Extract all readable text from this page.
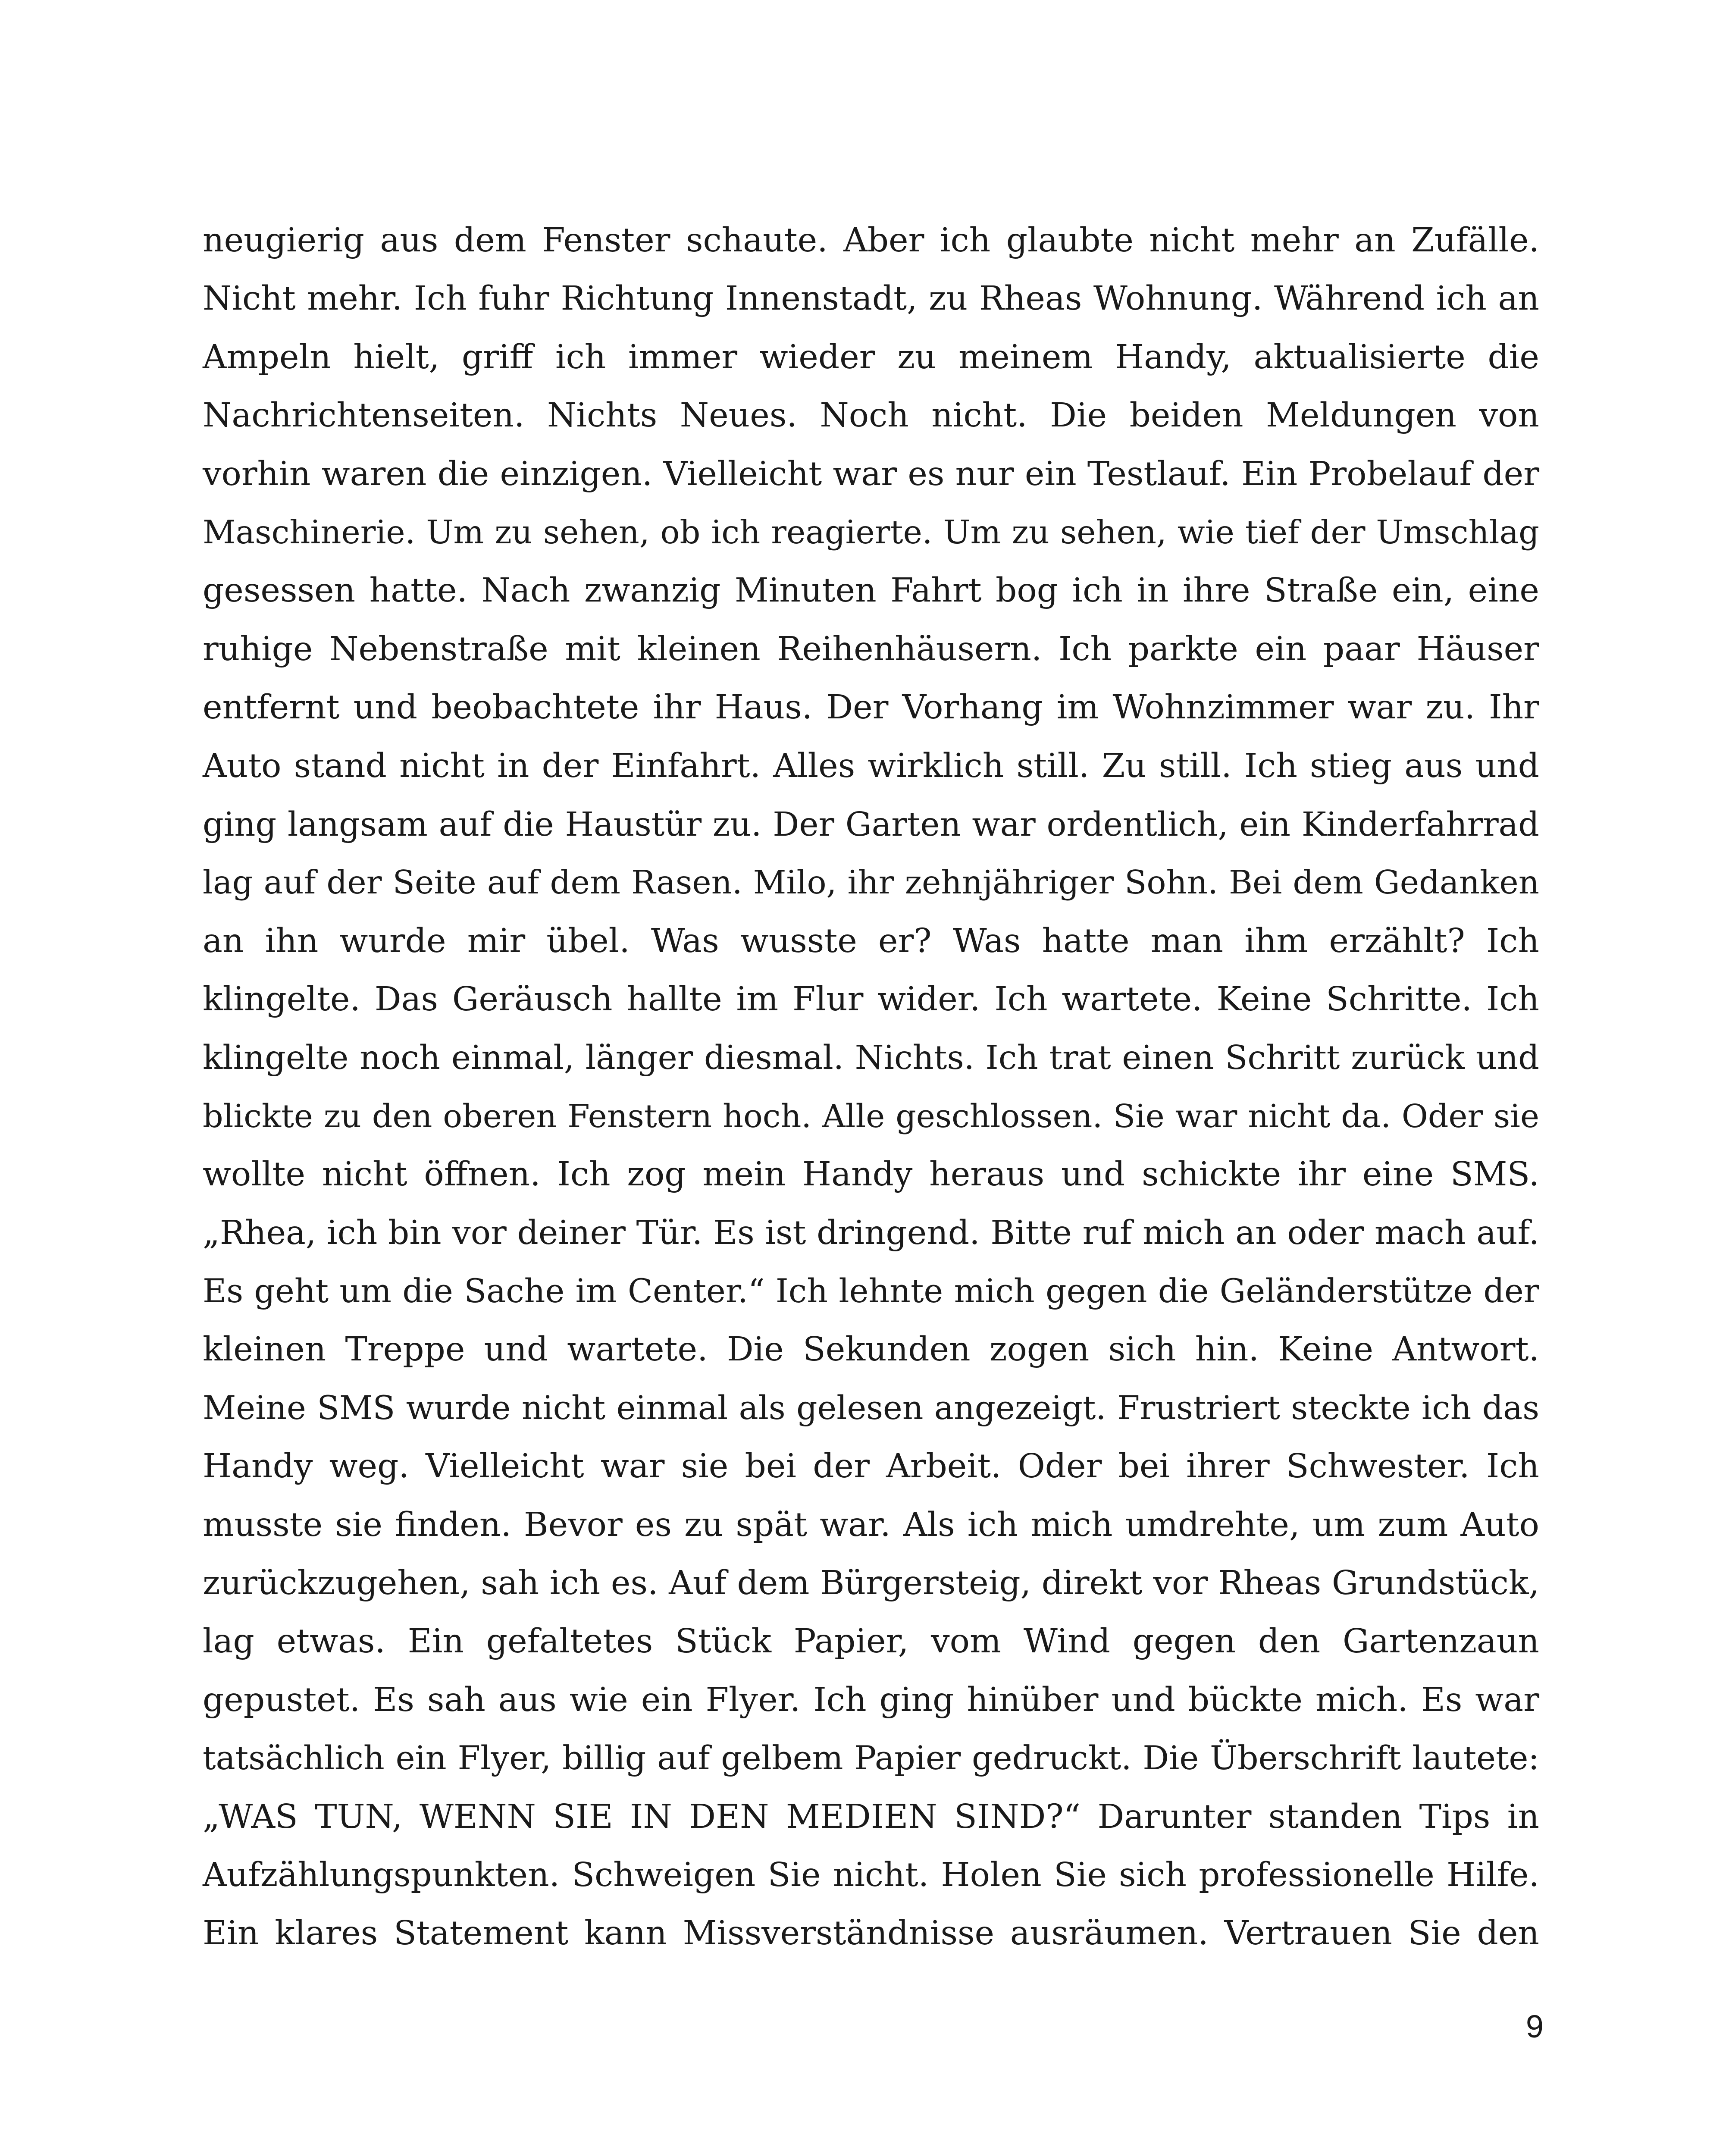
neugierig aus dem Fenster schaute. Aber ich glaubte nicht mehr an Zufälle.
Nicht mehr. Ich fuhr Richtung Innenstadt, zu Rheas Wohnung. Während ich an
Ampeln hielt, griff ich immer wieder zu meinem Handy, aktualisierte die
Nachrichtenseiten. Nichts Neues. Noch nicht. Die beiden Meldungen von
vorhin waren die einzigen. Vielleicht war es nur ein Testlauf. Ein Probelauf der
Maschinerie. Um zu sehen, ob ich reagierte. Um zu sehen, wie tief der Umschlag
gesessen hatte. Nach zwanzig Minuten Fahrt bog ich in ihre Straße ein, eine
ruhige Nebenstraße mit kleinen Reihenhäusern. Ich parkte ein paar Häuser
entfernt und beobachtete ihr Haus. Der Vorhang im Wohnzimmer war zu. Ihr
Auto stand nicht in der Einfahrt. Alles wirklich still. Zu still. Ich stieg aus und
ging langsam auf die Haustür zu. Der Garten war ordentlich, ein Kinderfahrrad
lag auf der Seite auf dem Rasen. Milo, ihr zehnjähriger Sohn. Bei dem Gedanken
an ihn wurde mir übel. Was wusste er? Was hatte man ihm erzählt? Ich
klingelte. Das Geräusch hallte im Flur wider. Ich wartete. Keine Schritte. Ich
klingelte noch einmal, länger diesmal. Nichts. Ich trat einen Schritt zurück und
blickte zu den oberen Fenstern hoch. Alle geschlossen. Sie war nicht da. Oder sie
wollte nicht öffnen. Ich zog mein Handy heraus und schickte ihr eine SMS.
„Rhea, ich bin vor deiner Tür. Es ist dringend. Bitte ruf mich an oder mach auf.
Es geht um die Sache im Center.“ Ich lehnte mich gegen die Geländerstütze der
kleinen Treppe und wartete. Die Sekunden zogen sich hin. Keine Antwort.
Meine SMS wurde nicht einmal als gelesen angezeigt. Frustriert steckte ich das
Handy weg. Vielleicht war sie bei der Arbeit. Oder bei ihrer Schwester. Ich
musste sie finden. Bevor es zu spät war. Als ich mich umdrehte, um zum Auto
zurückzugehen, sah ich es. Auf dem Bürgersteig, direkt vor Rheas Grundstück,
lag etwas. Ein gefaltetes Stück Papier, vom Wind gegen den Gartenzaun
gepustet. Es sah aus wie ein Flyer. Ich ging hinüber und bückte mich. Es war
tatsächlich ein Flyer, billig auf gelbem Papier gedruckt. Die Überschrift lautete:
„WAS TUN, WENN SIE IN DEN MEDIEN SIND?“ Darunter standen Tips in
Aufzählungspunkten. Schweigen Sie nicht. Holen Sie sich professionelle Hilfe.
Ein klares Statement kann Missverständnisse ausräumen. Vertrauen Sie den
9
